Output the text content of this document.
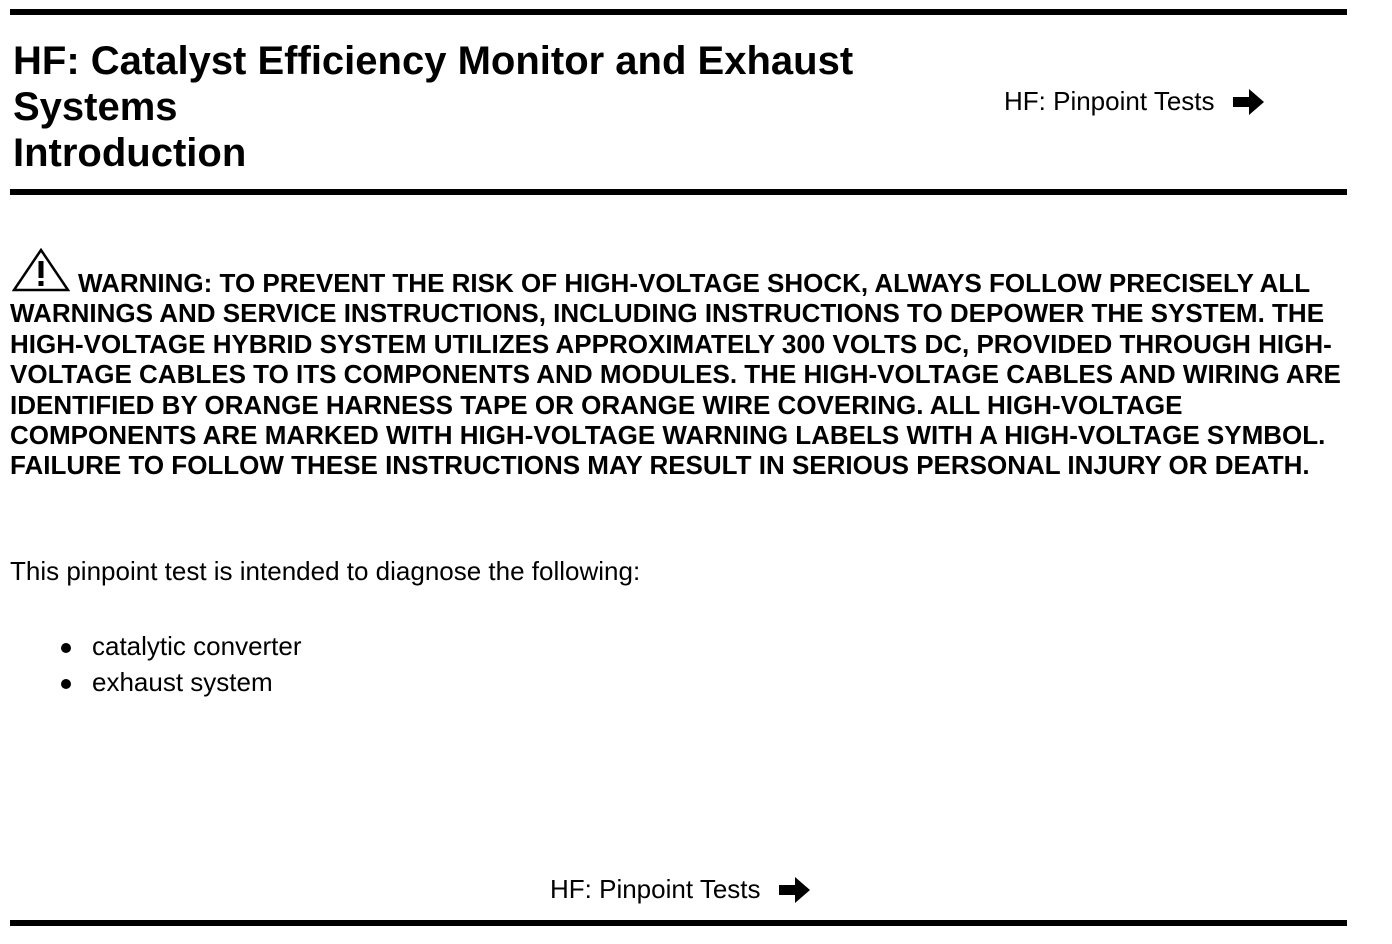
HF: Catalyst Efficiency Monitor and Exhaust
Systems
Introduction
HF: Pinpoint Tests

WARNING: TO PREVENT THE RISK OF HIGH-VOLTAGE SHOCK, ALWAYS FOLLOW PRECISELY ALL WARNINGS AND SERVICE INSTRUCTIONS, INCLUDING INSTRUCTIONS TO DEPOWER THE SYSTEM. THE HIGH-VOLTAGE HYBRID SYSTEM UTILIZES APPROXIMATELY 300 VOLTS DC, PROVIDED THROUGH HIGH-VOLTAGE CABLES TO ITS COMPONENTS AND MODULES. THE HIGH-VOLTAGE CABLES AND WIRING ARE IDENTIFIED BY ORANGE HARNESS TAPE OR ORANGE WIRE COVERING. ALL HIGH-VOLTAGE COMPONENTS ARE MARKED WITH HIGH-VOLTAGE WARNING LABELS WITH A HIGH-VOLTAGE SYMBOL. FAILURE TO FOLLOW THESE INSTRUCTIONS MAY RESULT IN SERIOUS PERSONAL INJURY OR DEATH.

This pinpoint test is intended to diagnose the following:

catalytic converter
exhaust system
HF: Pinpoint Tests
